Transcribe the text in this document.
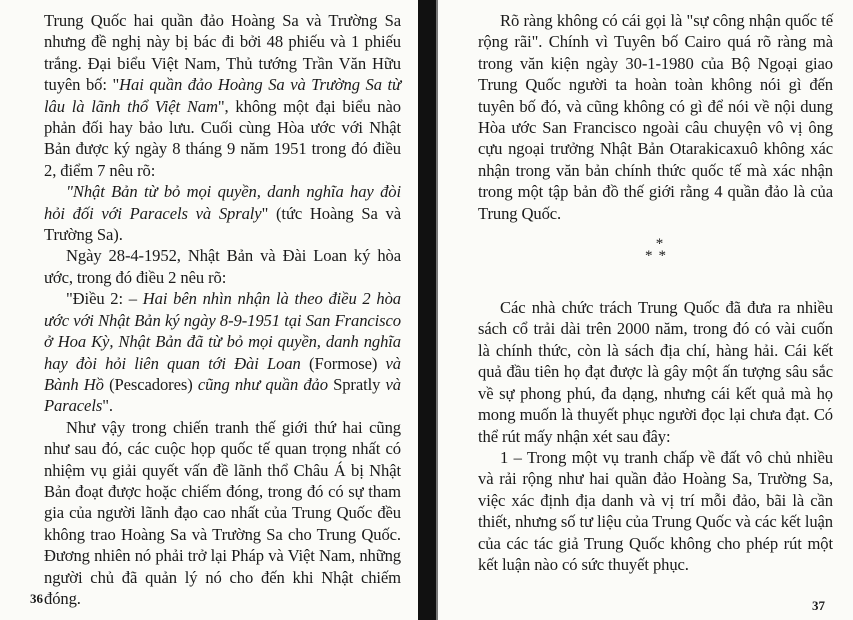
Trung Quốc hai quần đảo Hoàng Sa và Trường Sa nhưng đề nghị này bị bác đi bởi 48 phiếu và 1 phiếu trắng. Đại biểu Việt Nam, Thủ tướng Trần Văn Hữu tuyên bố: "Hai quần đảo Hoàng Sa và Trường Sa từ lâu là lãnh thổ Việt Nam", không một đại biểu nào phản đối hay bảo lưu. Cuối cùng Hòa ước với Nhật Bản được ký ngày 8 tháng 9 năm 1951 trong đó điều 2, điểm 7 nêu rõ:

"Nhật Bản từ bỏ mọi quyền, danh nghĩa hay đòi hỏi đối với Paracels và Spraly" (tức Hoàng Sa và Trường Sa).

Ngày 28-4-1952, Nhật Bản và Đài Loan ký hòa ước, trong đó điều 2 nêu rõ:

"Điều 2: – Hai bên nhìn nhận là theo điều 2 hòa ước với Nhật Bản ký ngày 8-9-1951 tại San Francisco ở Hoa Kỳ, Nhật Bản đã từ bỏ mọi quyền, danh nghĩa hay đòi hỏi liên quan tới Đài Loan (Formose) và Bành Hồ (Pescadores) cũng như quần đảo Spratly và Paracels".

Như vậy trong chiến tranh thế giới thứ hai cũng như sau đó, các cuộc họp quốc tế quan trọng nhất có nhiệm vụ giải quyết vấn đề lãnh thổ Châu Á bị Nhật Bản đoạt được hoặc chiếm đóng, trong đó có sự tham gia của người lãnh đạo cao nhất của Trung Quốc đều không trao Hoàng Sa và Trường Sa cho Trung Quốc. Đương nhiên nó phải trở lại Pháp và Việt Nam, những người chủ đã quản lý nó cho đến khi Nhật chiếm đóng.

36

Rõ ràng không có cái gọi là "sự công nhận quốc tế rộng rãi". Chính vì Tuyên bố Cairo quá rõ ràng mà trong văn kiện ngày 30-1-1980 của Bộ Ngoại giao Trung Quốc người ta hoàn toàn không nói gì đến tuyên bố đó, và cũng không có gì để nói về nội dung Hòa ước San Francisco ngoài câu chuyện vô vị ông cựu ngoại trưởng Nhật Bản Otarakicaxuô không xác nhận trong văn bản chính thức quốc tế mà xác nhận trong một tập bản đồ thế giới rằng 4 quần đảo là của Trung Quốc.

*
**

Các nhà chức trách Trung Quốc đã đưa ra nhiều sách cổ trải dài trên 2000 năm, trong đó có vài cuốn là chính thức, còn là sách địa chí, hàng hải. Cái kết quả đầu tiên họ đạt được là gây một ấn tượng sâu sắc về sự phong phú, đa dạng, nhưng cái kết quả mà họ mong muốn là thuyết phục người đọc lại chưa đạt. Có thể rút mấy nhận xét sau đây:

1 – Trong một vụ tranh chấp về đất vô chủ nhiều và rải rộng như hai quần đảo Hoàng Sa, Trường Sa, việc xác định địa danh và vị trí mỗi đảo, bãi là cần thiết, nhưng số tư liệu của Trung Quốc và các kết luận của các tác giả Trung Quốc không cho phép rút một kết luận nào có sức thuyết phục.

37
